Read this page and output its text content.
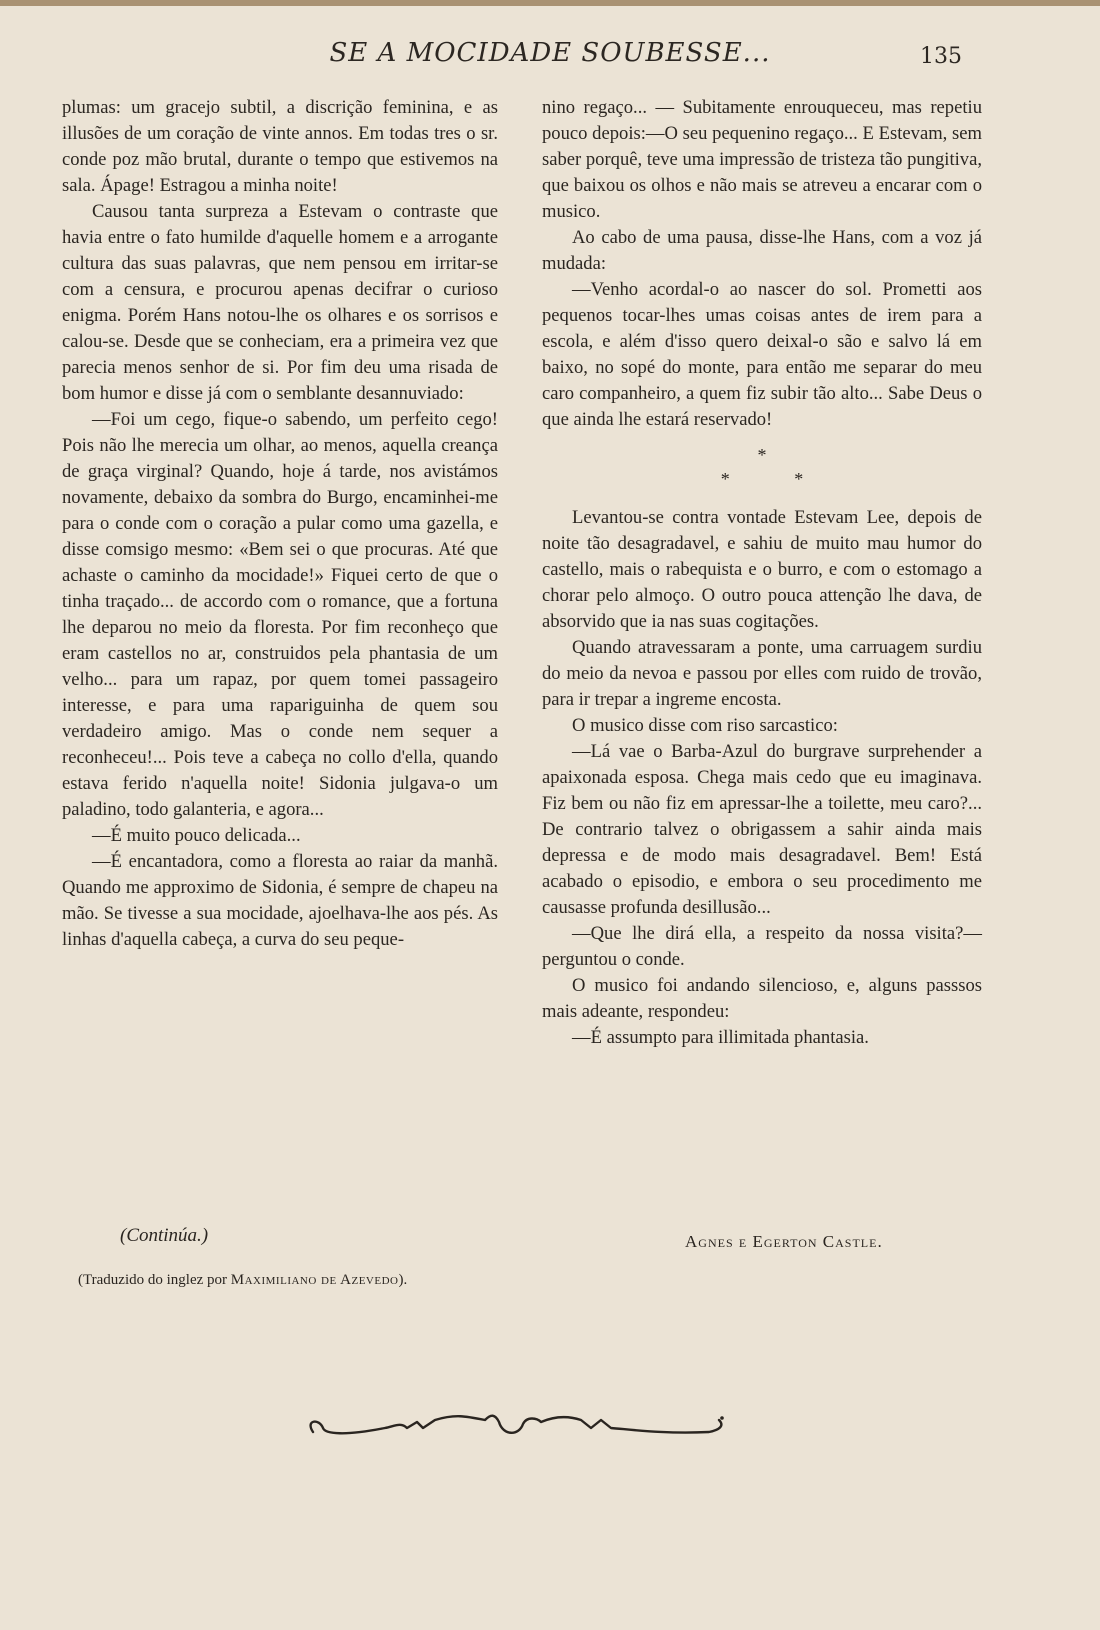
SE A MOCIDADE SOUBESSE...	135

plumas: um gracejo subtil, a discrição feminina, e as illusões de um coração de vinte annos. Em todas tres o sr. conde poz mão brutal, durante o tempo que estivemos na sala. Ápage! Estragou a minha noite!

Causou tanta surpreza a Estevam o contraste que havia entre o fato humilde d'aquelle homem e a arrogante cultura das suas palavras, que nem pensou em irritar-se com a censura, e procurou apenas decifrar o curioso enigma. Porém Hans notou-lhe os olhares e os sorrisos e calou-se. Desde que se conheciam, era a primeira vez que parecia menos senhor de si. Por fim deu uma risada de bom humor e disse já com o semblante desannuviado:

—Foi um cego, fique-o sabendo, um perfeito cego! Pois não lhe merecia um olhar, ao menos, aquella creança de graça virginal? Quando, hoje á tarde, nos avistámos novamente, debaixo da sombra do Burgo, encaminhei-me para o conde com o coração a pular como uma gazella, e disse comsigo mesmo: «Bem sei o que procuras. Até que achaste o caminho da mocidade!» Fiquei certo de que o tinha traçado... de accordo com o romance, que a fortuna lhe deparou no meio da floresta. Por fim reconheço que eram castellos no ar, construidos pela phantasia de um velho... para um rapaz, por quem tomei passageiro interesse, e para uma rapariguinha de quem sou verdadeiro amigo. Mas o conde nem sequer a reconheceu!... Pois teve a cabeça no collo d'ella, quando estava ferido n'aquella noite! Sidonia julgava-o um paladino, todo galanteria, e agora...

—É muito pouco delicada...

—É encantadora, como a floresta ao raiar da manhã. Quando me approximo de Sidonia, é sempre de chapeu na mão. Se tivesse a sua mocidade, ajoelhava-lhe aos pés. As linhas d'aquella cabeça, a curva do seu peque-

nino regaço... — Subitamente enrouqueceu, mas repetiu pouco depois:—O seu pequenino regaço... E Estevam, sem saber porquê, teve uma impressão de tristeza tão pungitiva, que baixou os olhos e não mais se atreveu a encarar com o musico.

Ao cabo de uma pausa, disse-lhe Hans, com a voz já mudada:

—Venho acordal-o ao nascer do sol. Prometti aos pequenos tocar-lhes umas coisas antes de irem para a escola, e além d'isso quero deixal-o são e salvo lá em baixo, no sopé do monte, para então me separar do meu caro companheiro, a quem fiz subir tão alto... Sabe Deus o que ainda lhe estará reservado!

*
* *

Levantou-se contra vontade Estevam Lee, depois de noite tão desagradavel, e sahiu de muito mau humor do castello, mais o rabequista e o burro, e com o estomago a chorar pelo almoço. O outro pouca attenção lhe dava, de absorvido que ia nas suas cogitações.

Quando atravessaram a ponte, uma carruagem surdiu do meio da nevoa e passou por elles com ruido de trovão, para ir trepar a ingreme encosta.

O musico disse com riso sarcastico:

—Lá vae o Barba-Azul do burgrave surprehender a apaixonada esposa. Chega mais cedo que eu imaginava. Fiz bem ou não fiz em apressar-lhe a toilette, meu caro?... De contrario talvez o obrigassem a sahir ainda mais depressa e de modo mais desagradavel. Bem! Está acabado o episodio, e embora o seu procedimento me causasse profunda desillusão...

—Que lhe dirá ella, a respeito da nossa visita?—perguntou o conde.

O musico foi andando silencioso, e, alguns passsos mais adeante, respondeu:

—É assumpto para illimitada phantasia.

(Continúa.)	Agnes e Egerton Castle.
(Traduzido do inglez por Maximiliano de Azevedo).
